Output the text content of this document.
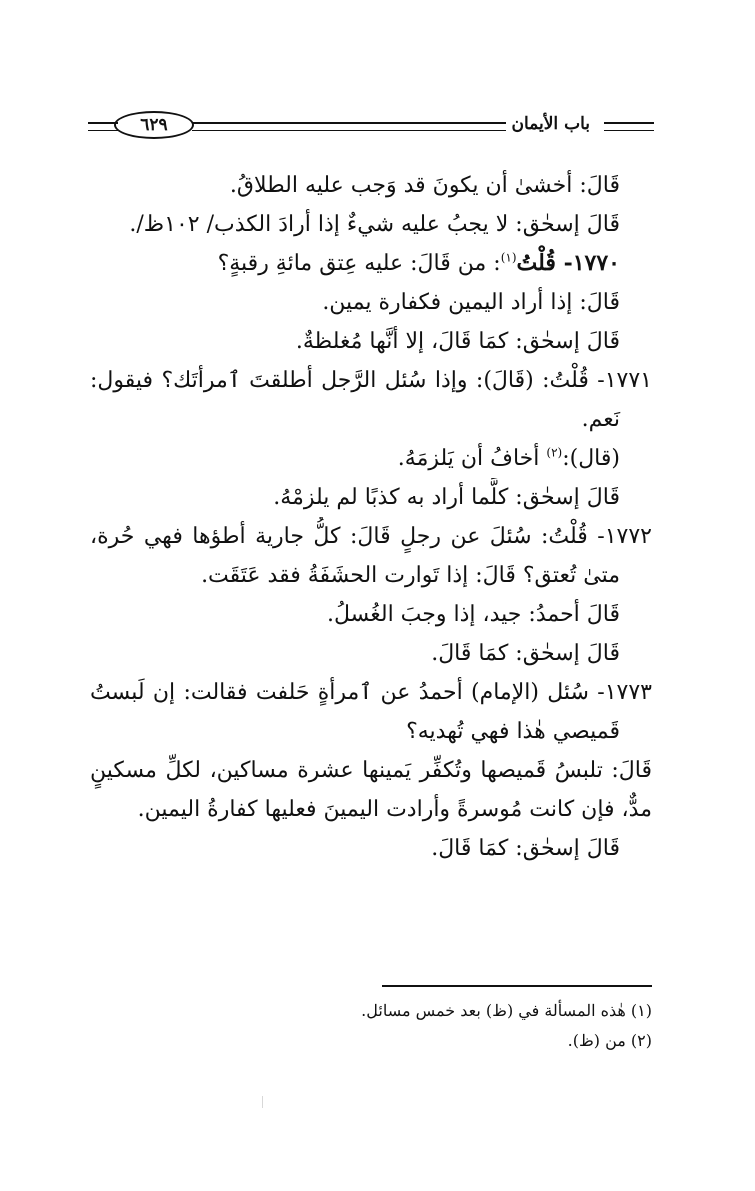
باب الأيمان
٦٢٩
قَالَ: أخشىٰ أن يكونَ قد وَجب عليه الطلاقُ.
قَالَ إسحٰق: لا يجبُ عليه شيءٌ إذا أرادَ الكذب/ ١٠٢ظ/.
١٧٧٠- قُلْتُ$^{(١)}$: من قَالَ: عليه عِتق مائةِ رقبةٍ؟
قَالَ: إذا أراد اليمين فكفارة يمين.
قَالَ إسحٰق: كمَا قَالَ، إلا أنَّها مُغلظةٌ.
١٧٧١- قُلْتُ: (قَالَ): وإذا سُئل الرَّجل أطلقتَ ٱمرأتَك؟ فيقول:
نَعم.
(قال):$^{(٢)}$ أخافُ أن يَلزمَهُ.
قَالَ إسحٰق: كلَّما أراد به كذبًا لم يلزمْهُ.
١٧٧٢- قُلْتُ: سُئلَ عن رجلٍ قَالَ: كلُّ جارية أطؤها فهي حُرة،
متىٰ تُعتق؟ قَالَ: إذا تَوارت الحشَفَةُ فقد عَتَقَت.
قَالَ أحمدُ: جيد، إذا وجبَ الغُسلُ.
قَالَ إسحٰق: كمَا قَالَ.
١٧٧٣- سُئل (الإمام) أحمدُ عن ٱمرأةٍ حَلفت فقالت: إن لَبستُ
قَميصي هٰذا فهي تُهديه؟
قَالَ: تلبسُ قَميصها وتُكفِّر يَمينها عشرة مساكين، لكلِّ مسكينٍ
مدٌّ، فإن كانت مُوسرةً وأرادت اليمينَ فعليها كفارةُ اليمين.
قَالَ إسحٰق: كمَا قَالَ.
(١) هٰذه المسألة في (ظ) بعد خمس مسائل.
(٢) من (ظ).
